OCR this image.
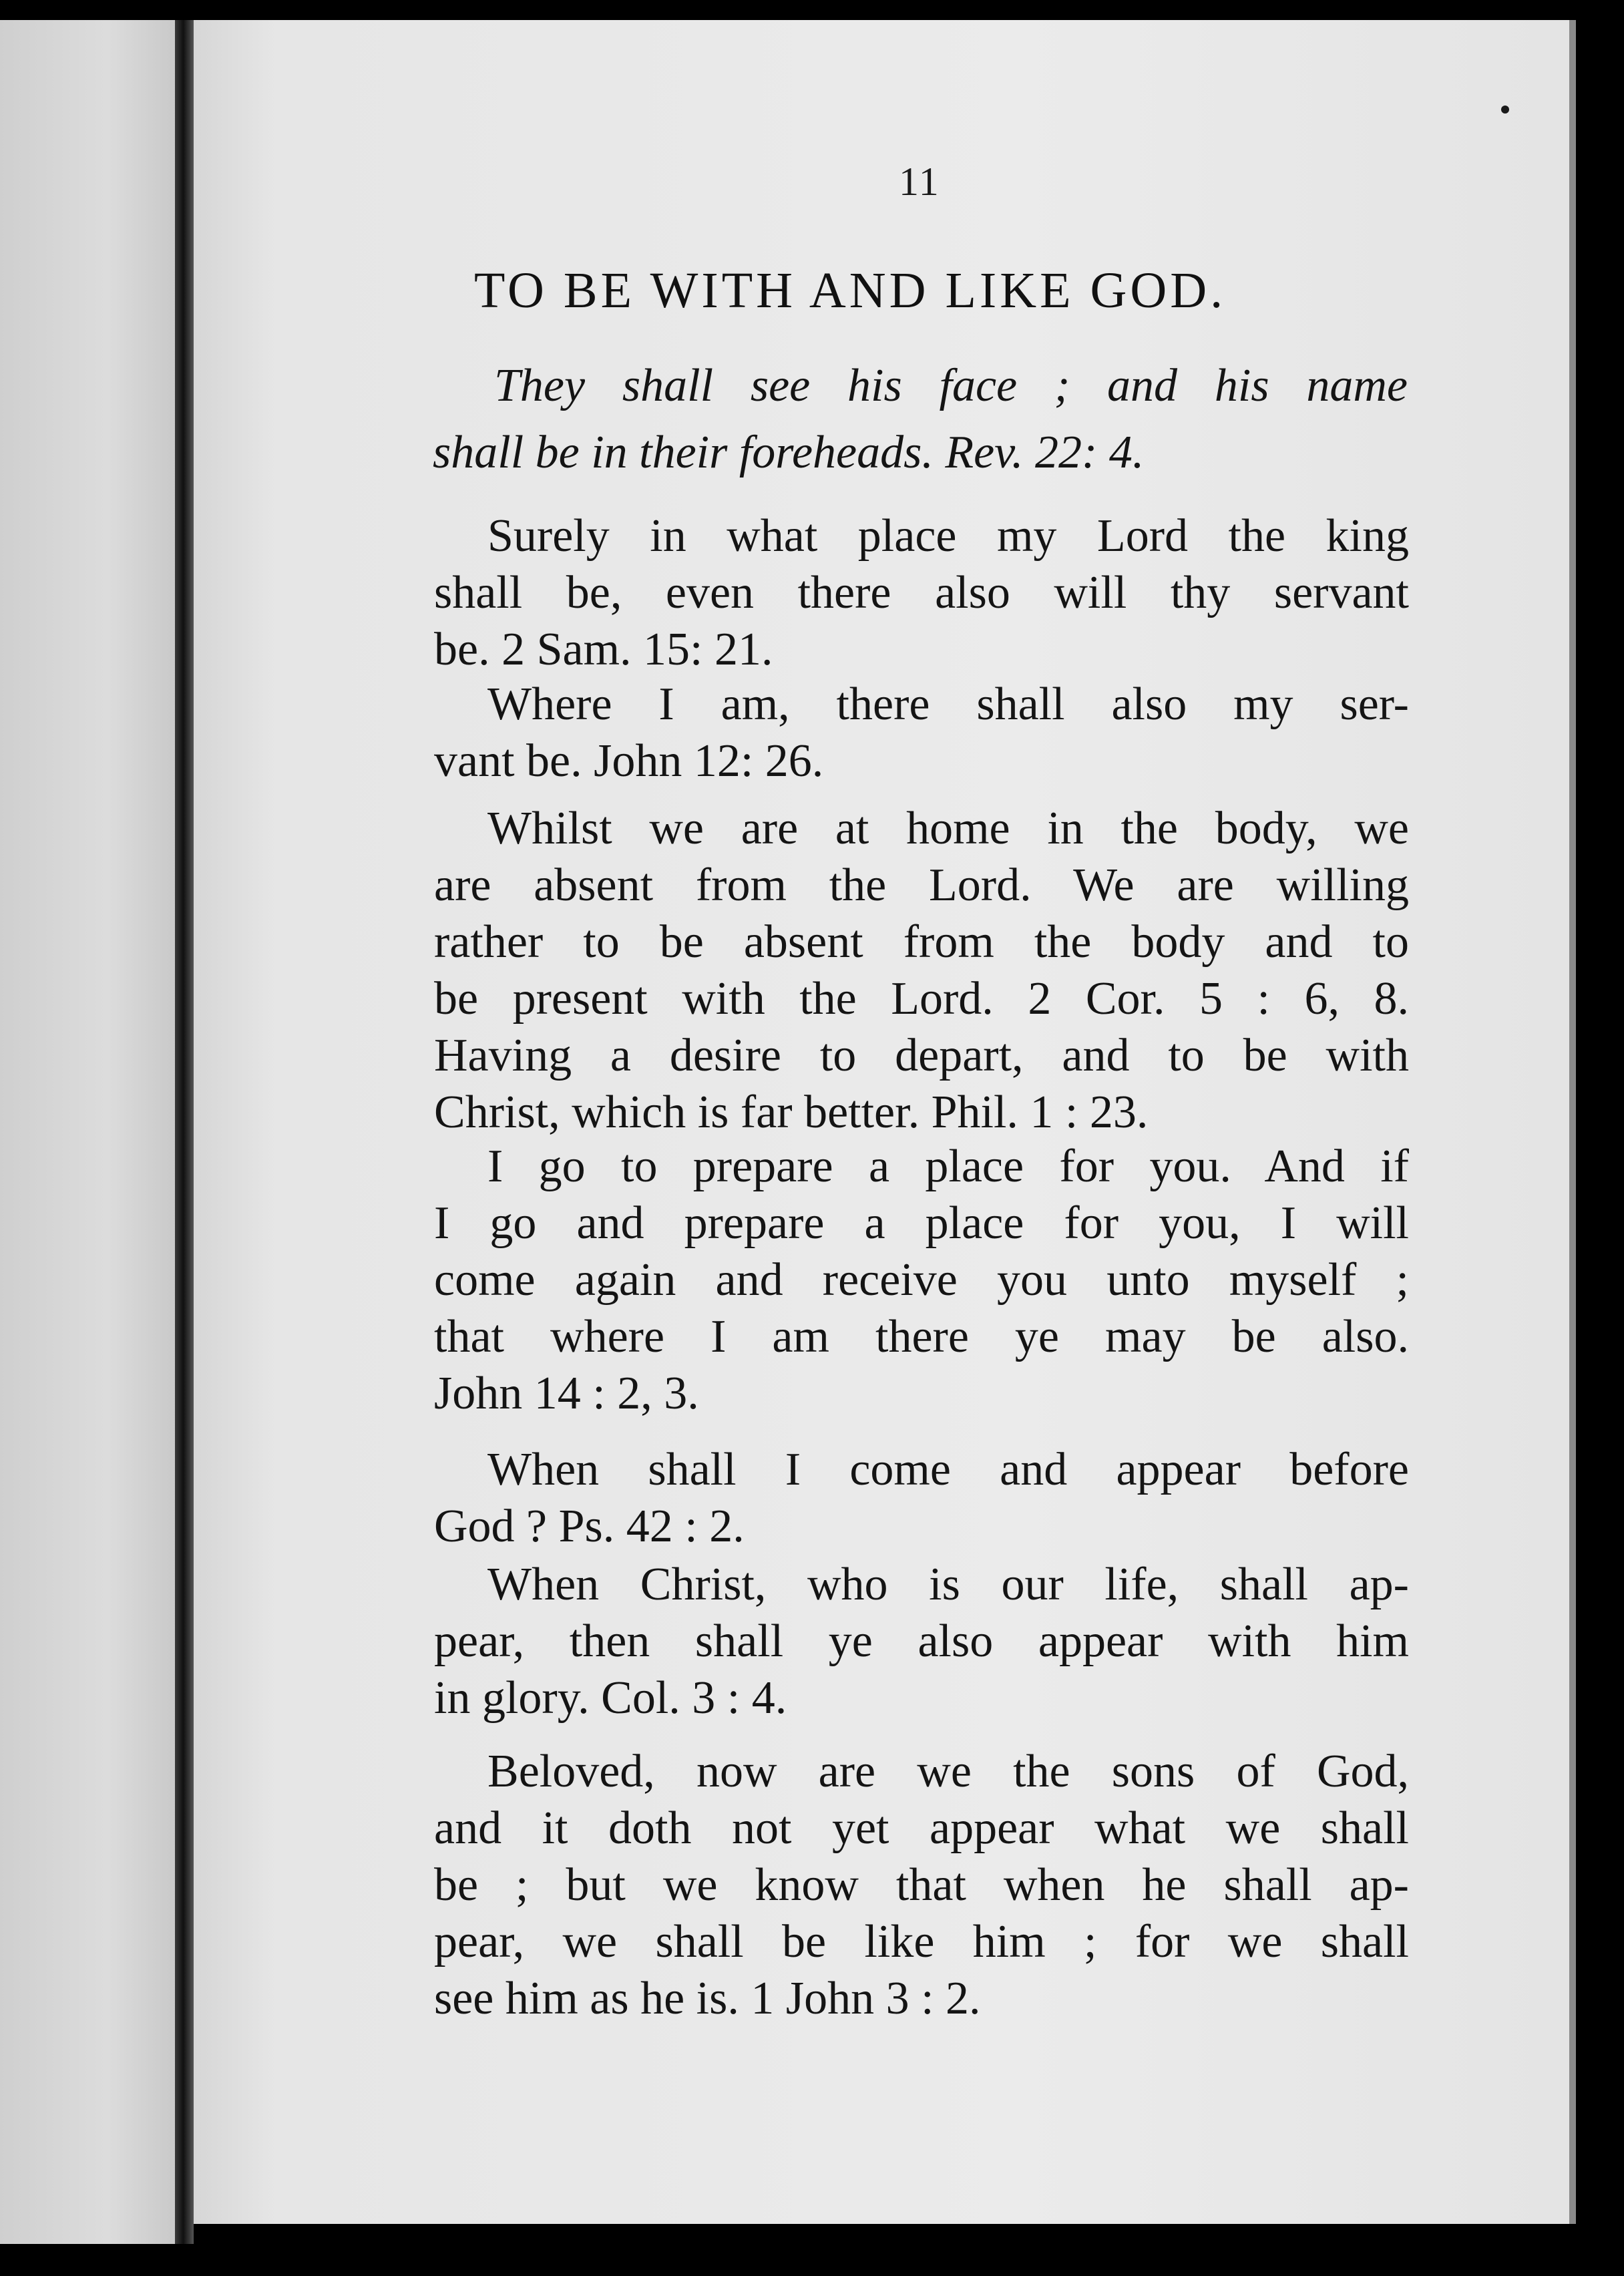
11
TO BE WITH AND LIKE GOD.
They shall see his face ; and his name
shall be in their foreheads. Rev. 22: 4.
Surely in what place my Lord the king
shall be, even there also will thy servant
be. 2 Sam. 15: 21.
Where I am, there shall also my ser-
vant be. John 12: 26.
Whilst we are at home in the body, we
are absent from the Lord. We are willing
rather to be absent from the body and to
be present with the Lord. 2 Cor. 5 : 6, 8.
Having a desire to depart, and to be with
Christ, which is far better. Phil. 1 : 23.
I go to prepare a place for you. And if
I go and prepare a place for you, I will
come again and receive you unto myself ;
that where I am there ye may be also.
John 14 : 2, 3.
When shall I come and appear before
God ? Ps. 42 : 2.
When Christ, who is our life, shall ap-
pear, then shall ye also appear with him
in glory. Col. 3 : 4.
Beloved, now are we the sons of God,
and it doth not yet appear what we shall
be ; but we know that when he shall ap-
pear, we shall be like him ; for we shall
see him as he is. 1 John 3 : 2.
